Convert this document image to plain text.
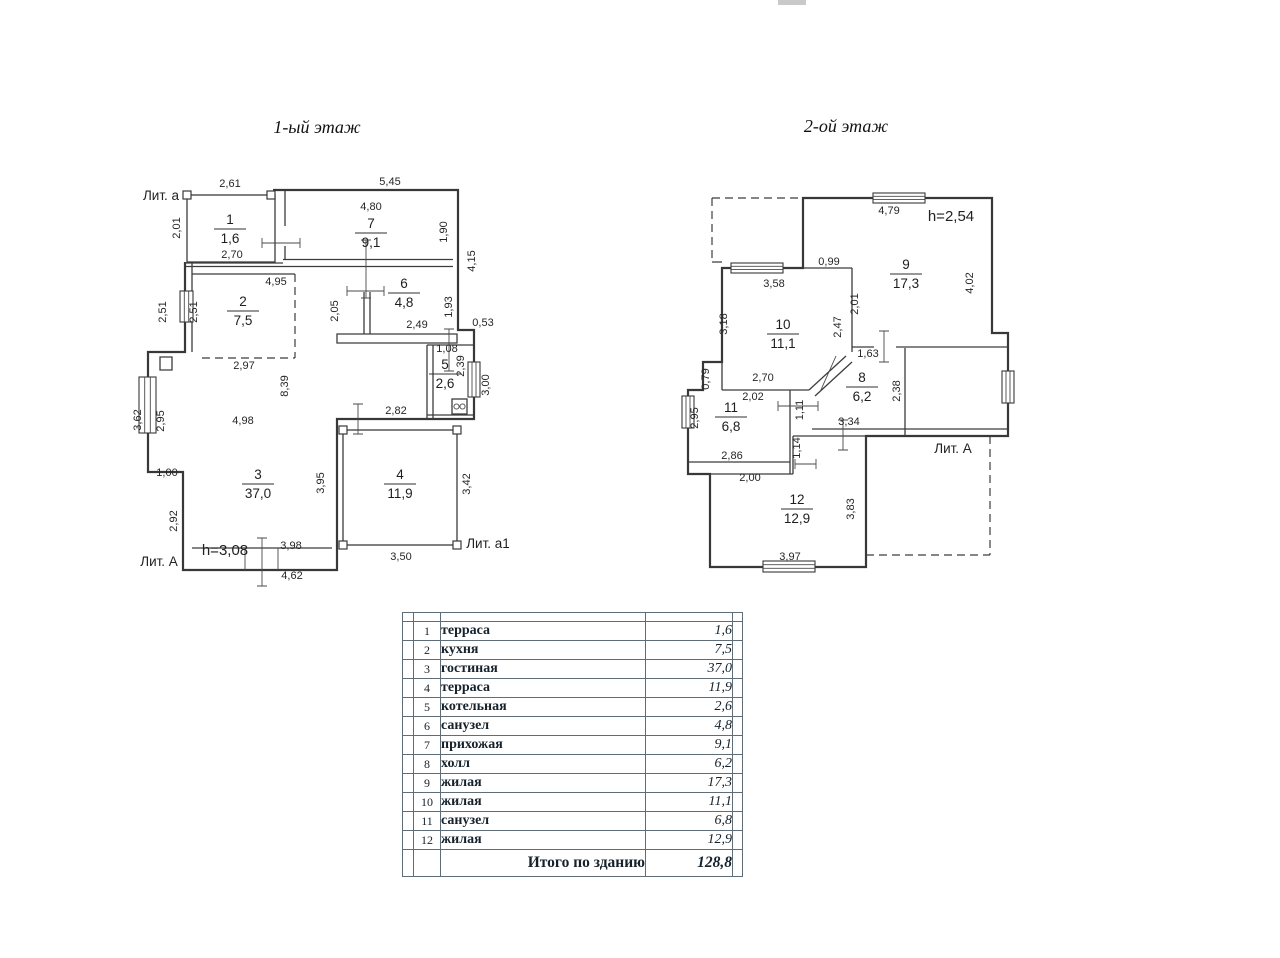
1-ый этаж
Лит. а
h=3,08
Лит. А
Лит. а1
2,61	5,45
2,01
4,80
2,70
1,90
4,15
4,95
2,51 2,51	2,05
2,49
1,93
0,53
1,08
2,39
3,00
2,97
8,39
4,98
2,95
3,62
1,00
2,92
3,95
2,82
3,42
3,98
4,62
3,50
1
1,6
2
7,5
3
37,0
4
11,9
5
2,6
6
4,8
7
9,1
2-ой этаж
h=2,54
Лит. А
4,79
4,02
0,99
3,58
2,01
2,47
3,18
1,63
2,38
2,70
2,02
0,79
2,95	1,11
3,34
2,86	1,14
2,00
3,83
3,97
8
6,2
9
17,3
10
11,1
11
6,8
12
12,9

	1	терраса	1,6	
	2	кухня	7,5	
	3	гостиная	37,0	
	4	терраса	11,9	
	5	котельная	2,6	
	6	санузел	4,8	
	7	прихожая	9,1	
	8	холл	6,2	
	9	жилая	17,3	
	10	жилая	11,1	
	11	санузел	6,8	
	12	жилая	12,9	
		Итого по зданию	128,8	
